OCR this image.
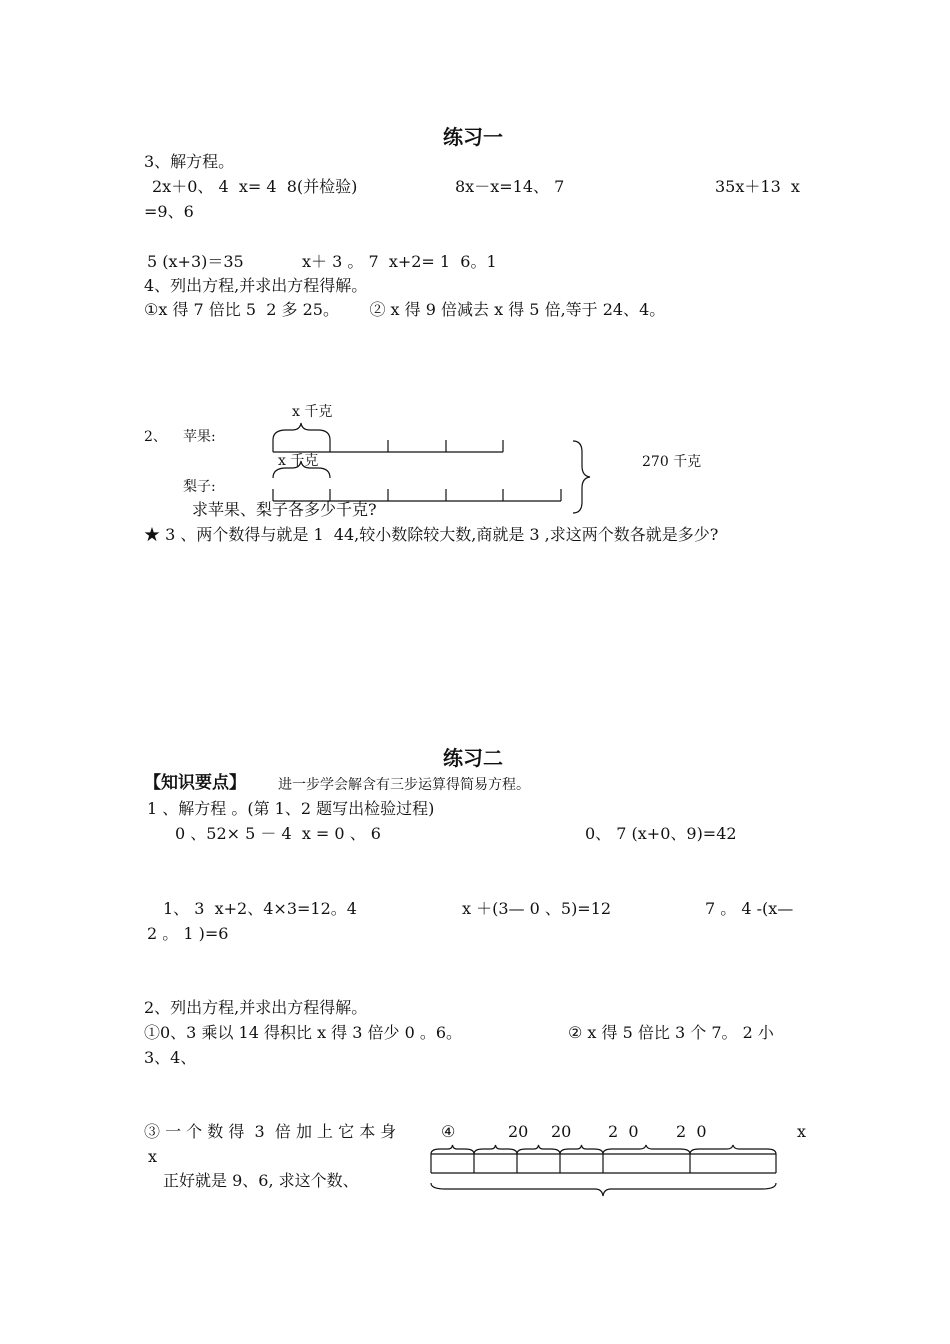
练习一
3、解方程。
2x＋0、 4  x= 4  8(并检验)	8x－x=14、 7	35x＋13  x
=9、6
5 (x+3)＝35	x＋ 3 。 7  x+2= 1  6。1
4、列出方程,并求出方程得解。
①x 得 7 倍比 5  2 多 25。      ② x 得 9 倍减去 x 得 5 倍,等于 24、4。
x 千克
2、 苹果:
x 千克	270 千克
梨子:
求苹果、梨子各多少千克?
★ 3 、两个数得与就是 1  44,较小数除较大数,商就是 3 ,求这两个数各就是多少?
练习二
【知识要点】 进一步学会解含有三步运算得简易方程。
1 、解方程 。(第 1、2 题写出检验过程)
0 、52× 5 － 4  x = 0 、 6	0、 7 (x+0、9)=42
1、 3  x+2、4×3=12。4	x ＋(3— 0 、5)=12	7 。 4 -(x—
2 。 1 )=6
2、列出方程,并求出方程得解。
①0、3 乘以 14 得积比 x 得 3 倍少 0 。6。	② x 得 5 倍比 3 个 7。 2 小
3、4、
③ 一 个 数 得  3  倍 加 上 它 本 身
x
正好就是 9、6, 求这个数、
④	20 20 2  0 2  0	x
